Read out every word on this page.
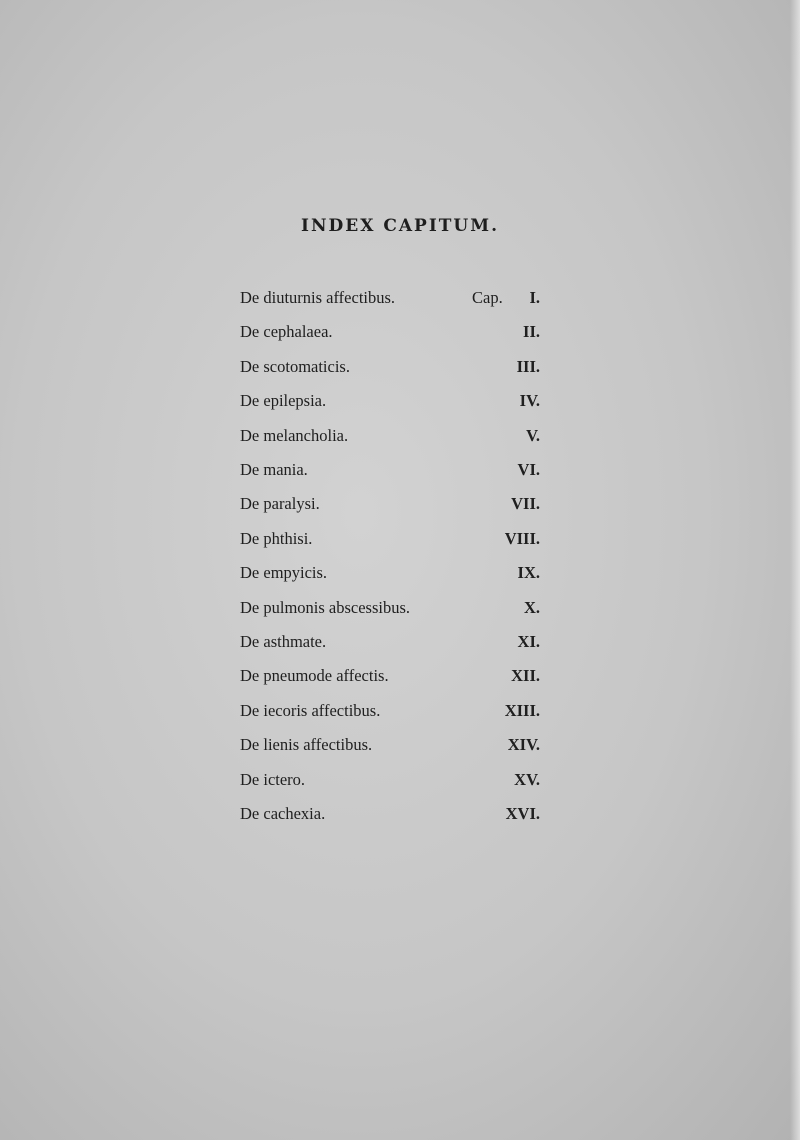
INDEX CAPITUM.
De diuturnis affectibus.	Cap. I.
De cephalaea.	II.
De scotomaticis.	III.
De epilepsia.	IV.
De melancholia.	V.
De mania.	VI.
De paralysi.	VII.
De phthisi.	VIII.
De empyicis.	IX.
De pulmonis abscessibus.	X.
De asthmate.	XI.
De pneumode affectis.	XII.
De iecoris affectibus.	XIII.
De lienis affectibus.	XIV.
De ictero.	XV.
De cachexia.	XVI.
